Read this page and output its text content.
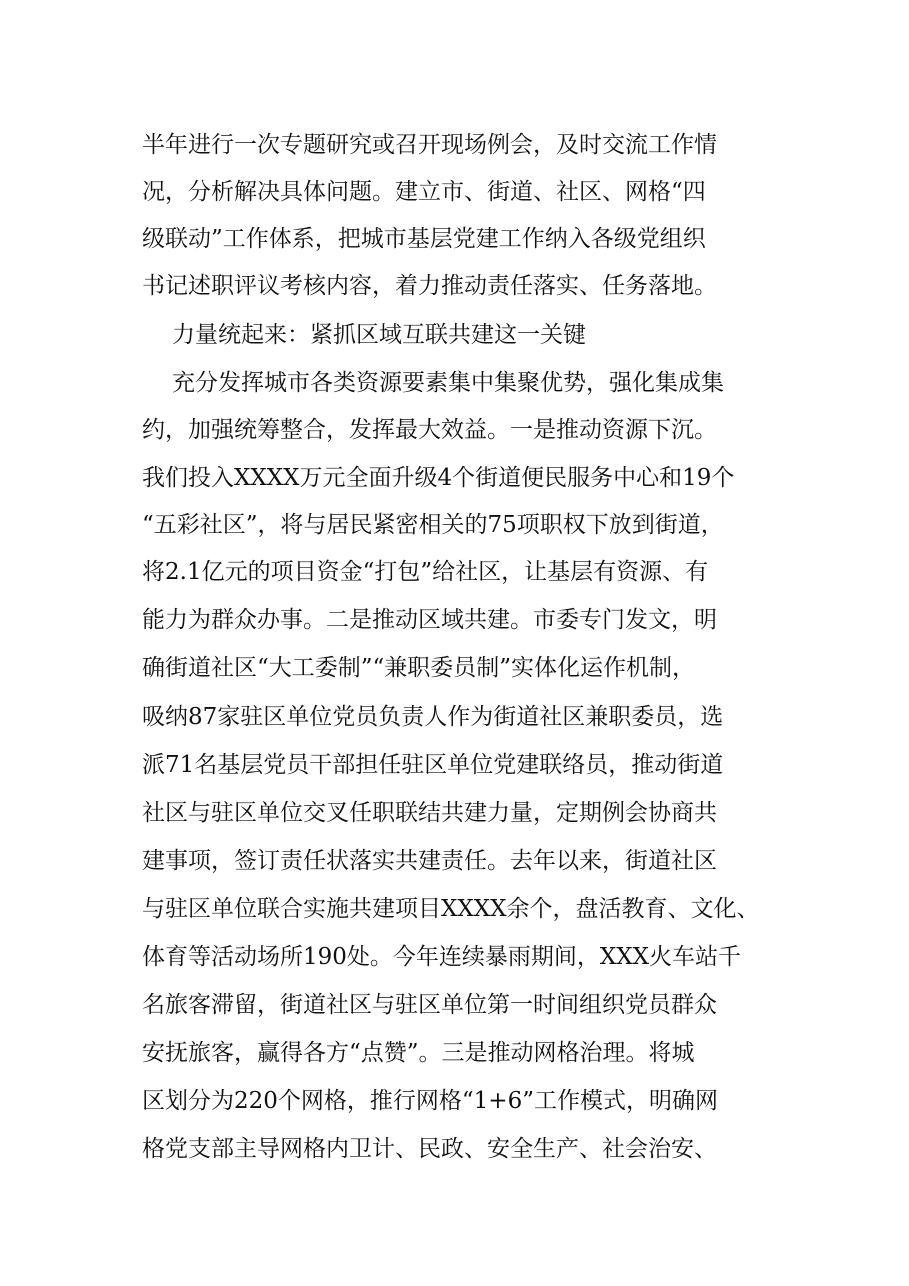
半年进行一次专题研究或召开现场例会，及时交流工作情

况，分析解决具体问题。建立市、街道、社区、网格“四

级联动”工作体系，把城市基层党建工作纳入各级党组织

书记述职评议考核内容，着力推动责任落实、任务落地。

力量统起来：紧抓区域互联共建这一关键

充分发挥城市各类资源要素集中集聚优势，强化集成集

约，加强统筹整合，发挥最大效益。一是推动资源下沉。

我们投入XXXX万元全面升级4个街道便民服务中心和19个

“五彩社区”，将与居民紧密相关的75项职权下放到街道，

将2.1亿元的项目资金“打包”给社区，让基层有资源、有

能力为群众办事。二是推动区域共建。市委专门发文，明

确街道社区“大工委制”“兼职委员制”实体化运作机制，

吸纳87家驻区单位党员负责人作为街道社区兼职委员，选

派71名基层党员干部担任驻区单位党建联络员，推动街道

社区与驻区单位交叉任职联结共建力量，定期例会协商共

建事项，签订责任状落实共建责任。去年以来，街道社区

与驻区单位联合实施共建项目XXXX余个，盘活教育、文化、

体育等活动场所190处。今年连续暴雨期间，XXX火车站千

名旅客滞留，街道社区与驻区单位第一时间组织党员群众

安抚旅客，赢得各方“点赞”。三是推动网格治理。将城

区划分为220个网格，推行网格“1+6”工作模式，明确网

格党支部主导网格内卫计、民政、安全生产、社会治安、
